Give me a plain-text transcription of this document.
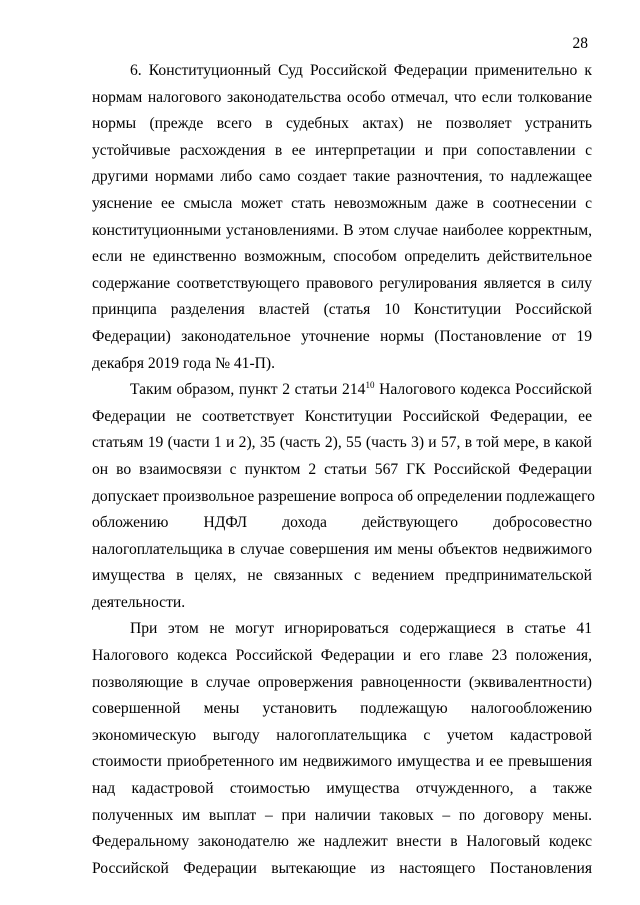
28

6. Конституционный Суд Российской Федерации применительно к
нормам налогового законодательства особо отмечал, что если толкование
нормы (прежде всего в судебных актах) не позволяет устранить
устойчивые расхождения в ее интерпретации и при сопоставлении с
другими нормами либо само создает такие разночтения, то надлежащее
уяснение ее смысла может стать невозможным даже в соотнесении с
конституционными установлениями. В этом случае наиболее корректным,
если не единственно возможным, способом определить действительное
содержание соответствующего правового регулирования является в силу
принципа разделения властей (статья 10 Конституции Российской
Федерации) законодательное уточнение нормы (Постановление от 19
декабря 2019 года № 41-П).

Таким образом, пункт 2 статьи $214^{10}$ Налогового кодекса Российской
Федерации не соответствует Конституции Российской Федерации, ее
статьям 19 (части 1 и 2), 35 (часть 2), 55 (часть 3) и 57, в той мере, в какой
он во взаимосвязи с пунктом 2 статьи 567 ГК Российской Федерации
допускает произвольное разрешение вопроса об определении подлежащего
обложению НДФЛ дохода действующего добросовестно
налогоплательщика в случае совершения им мены объектов недвижимого
имущества в целях, не связанных с ведением предпринимательской
деятельности.

При этом не могут игнорироваться содержащиеся в статье 41
Налогового кодекса Российской Федерации и его главе 23 положения,
позволяющие в случае опровержения равноценности (эквивалентности)
совершенной мены установить подлежащую налогообложению
экономическую выгоду налогоплательщика с учетом кадастровой
стоимости приобретенного им недвижимого имущества и ее превышения
над кадастровой стоимостью имущества отчужденного, а также
полученных им выплат – при наличии таковых – по договору мены.
Федеральному законодателю же надлежит внести в Налоговый кодекс
Российской Федерации вытекающие из настоящего Постановления
